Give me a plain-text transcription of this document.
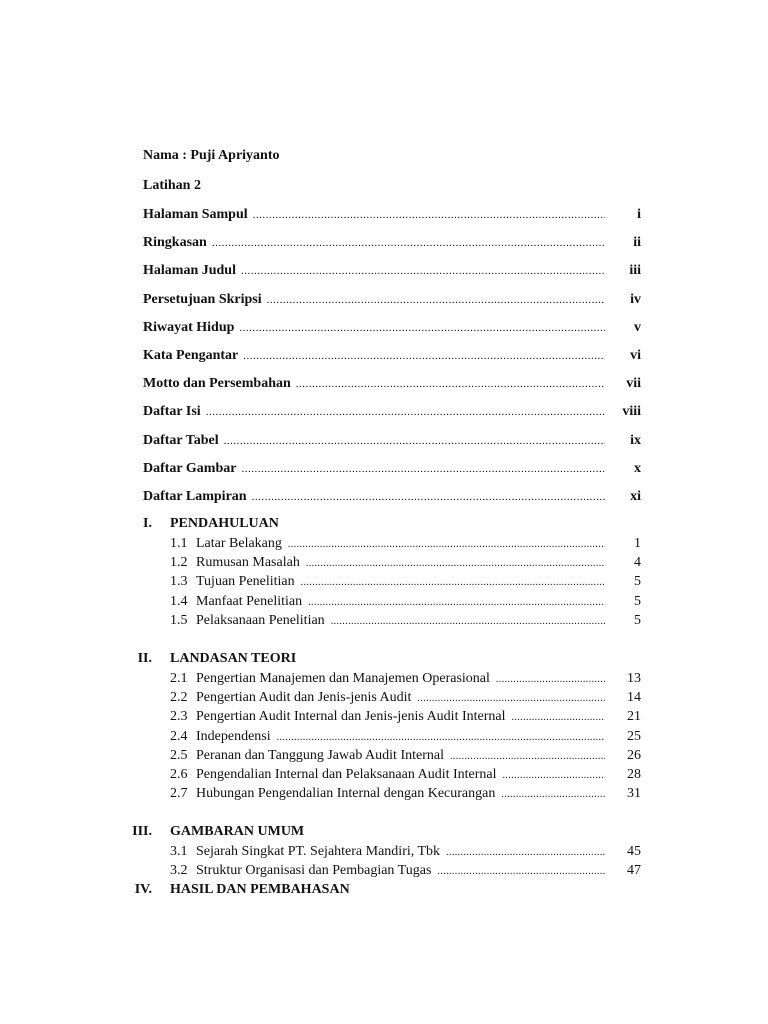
Nama : Puji Apriyanto
Latihan 2
Halaman Sampul .....	i
Ringkasan .....	ii
Halaman Judul .....	iii
Persetujuan Skripsi .....	iv
Riwayat Hidup .....	v
Kata Pengantar .....	vi
Motto dan Persembahan .....	vii
Daftar Isi .....	viii
Daftar Tabel .....	ix
Daftar Gambar .....	x
Daftar Lampiran .....	xi
I. PENDAHULUAN
1.1 Latar Belakang .....	1
1.2 Rumusan Masalah .....	4
1.3 Tujuan Penelitian .....	5
1.4 Manfaat Penelitian .....	5
1.5 Pelaksanaan Penelitian .....	5
II. LANDASAN TEORI
2.1 Pengertian Manajemen dan Manajemen Operasional .....	13
2.2 Pengertian Audit dan Jenis-jenis Audit .....	14
2.3 Pengertian Audit Internal dan Jenis-jenis Audit Internal .....	21
2.4 Independensi .....	25
2.5 Peranan dan Tanggung Jawab Audit Internal .....	26
2.6 Pengendalian Internal dan Pelaksanaan Audit Internal .....	28
2.7 Hubungan Pengendalian Internal dengan Kecurangan .....	31
III. GAMBARAN UMUM
3.1 Sejarah Singkat PT. Sejahtera Mandiri, Tbk .....	45
3.2 Struktur Organisasi dan Pembagian Tugas .....	47
IV. HASIL DAN PEMBAHASAN
